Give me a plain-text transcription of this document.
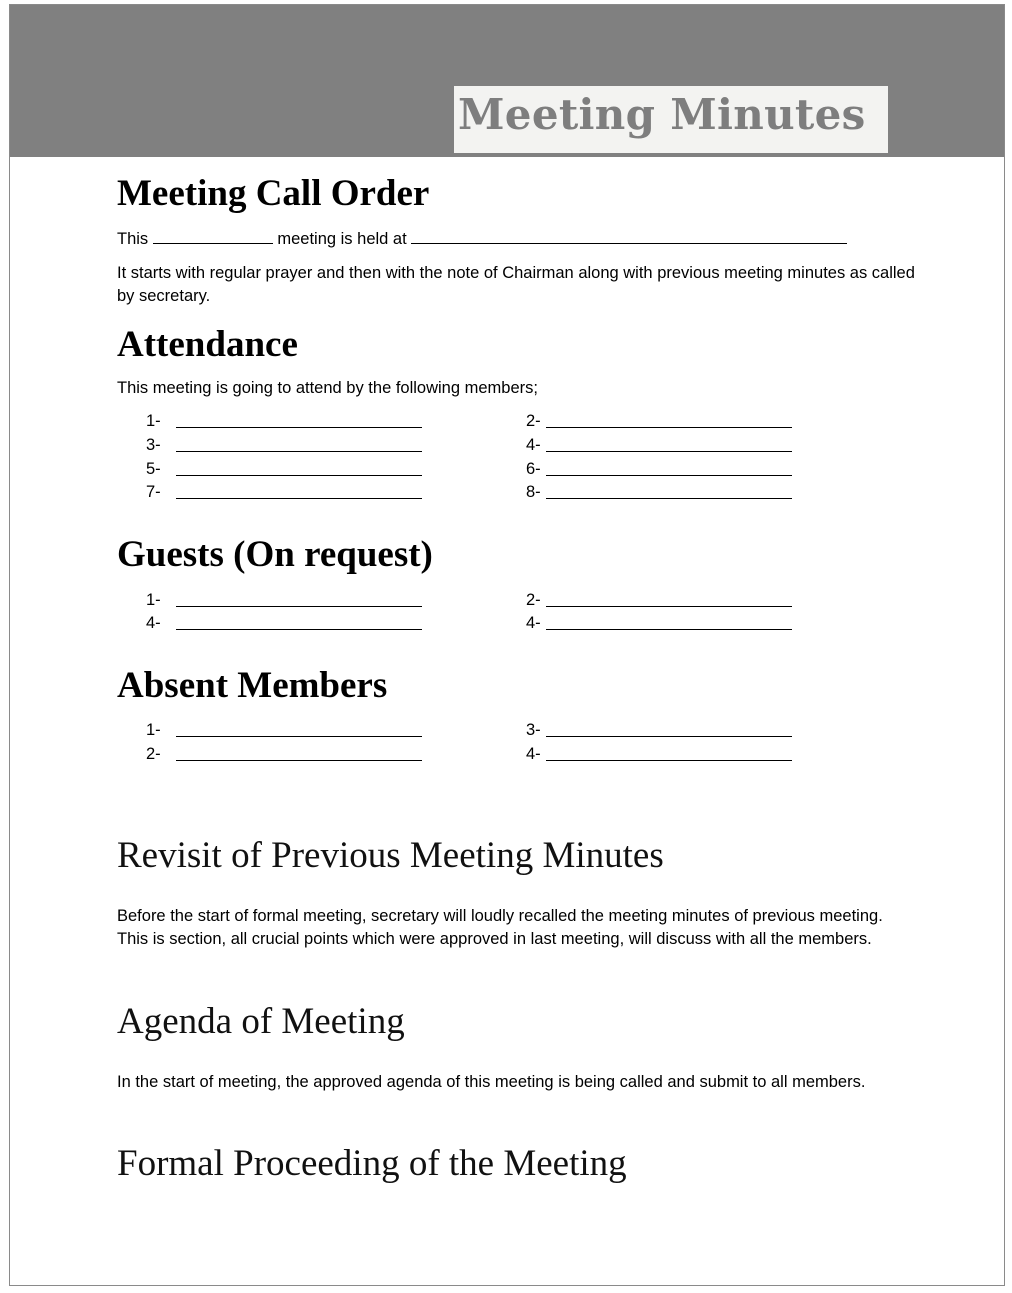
Meeting Minutes
Meeting Call Order
This	meeting is held at
It starts with regular prayer and then with the note of Chairman along with previous meeting minutes as called by secretary.
Attendance
This meeting is going to attend by the following members;
1-
3-
5-
7-
2-
4-
6-
8-
Guests (On request)
1-
4-
2-
4-
Absent Members
1-
2-
3-
4-
Revisit of Previous Meeting Minutes
Before the start of formal meeting, secretary will loudly recalled the meeting minutes of previous meeting. This is section, all crucial points which were approved in last meeting, will discuss with all the members.
Agenda of Meeting
In the start of meeting, the approved agenda of this meeting is being called and submit to all members.
Formal Proceeding of the Meeting
